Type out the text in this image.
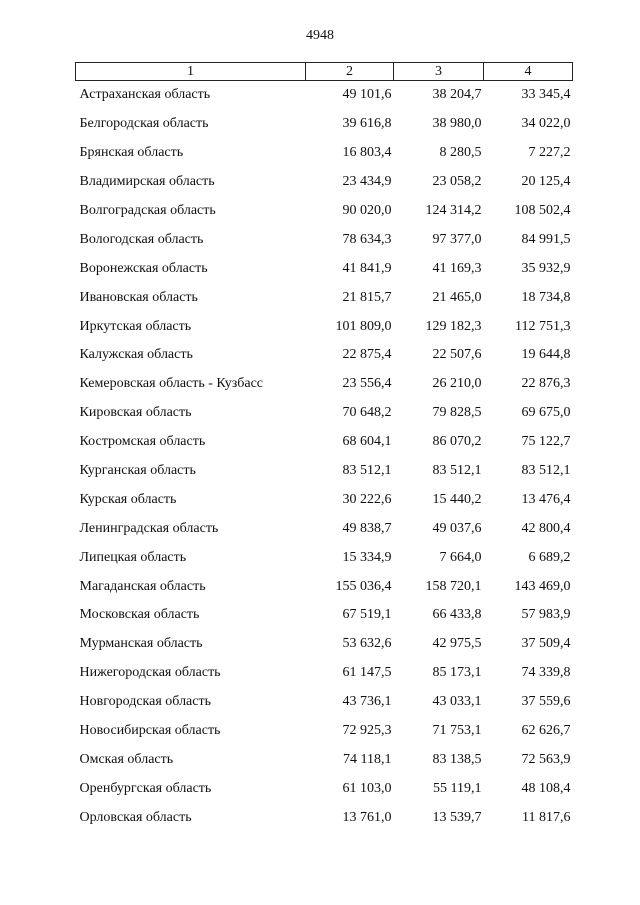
4948
1	2	3	4
Астраханская область	49 101,6	38 204,7	33 345,4
Белгородская область	39 616,8	38 980,0	34 022,0
Брянская область	16 803,4	8 280,5	7 227,2
Владимирская область	23 434,9	23 058,2	20 125,4
Волгоградская область	90 020,0	124 314,2	108 502,4
Вологодская область	78 634,3	97 377,0	84 991,5
Воронежская область	41 841,9	41 169,3	35 932,9
Ивановская область	21 815,7	21 465,0	18 734,8
Иркутская область	101 809,0	129 182,3	112 751,3
Калужская область	22 875,4	22 507,6	19 644,8
Кемеровская область - Кузбасс	23 556,4	26 210,0	22 876,3
Кировская область	70 648,2	79 828,5	69 675,0
Костромская область	68 604,1	86 070,2	75 122,7
Курганская область	83 512,1	83 512,1	83 512,1
Курская область	30 222,6	15 440,2	13 476,4
Ленинградская область	49 838,7	49 037,6	42 800,4
Липецкая область	15 334,9	7 664,0	6 689,2
Магаданская область	155 036,4	158 720,1	143 469,0
Московская область	67 519,1	66 433,8	57 983,9
Мурманская область	53 632,6	42 975,5	37 509,4
Нижегородская область	61 147,5	85 173,1	74 339,8
Новгородская область	43 736,1	43 033,1	37 559,6
Новосибирская область	72 925,3	71 753,1	62 626,7
Омская область	74 118,1	83 138,5	72 563,9
Оренбургская область	61 103,0	55 119,1	48 108,4
Орловская область	13 761,0	13 539,7	11 817,6
